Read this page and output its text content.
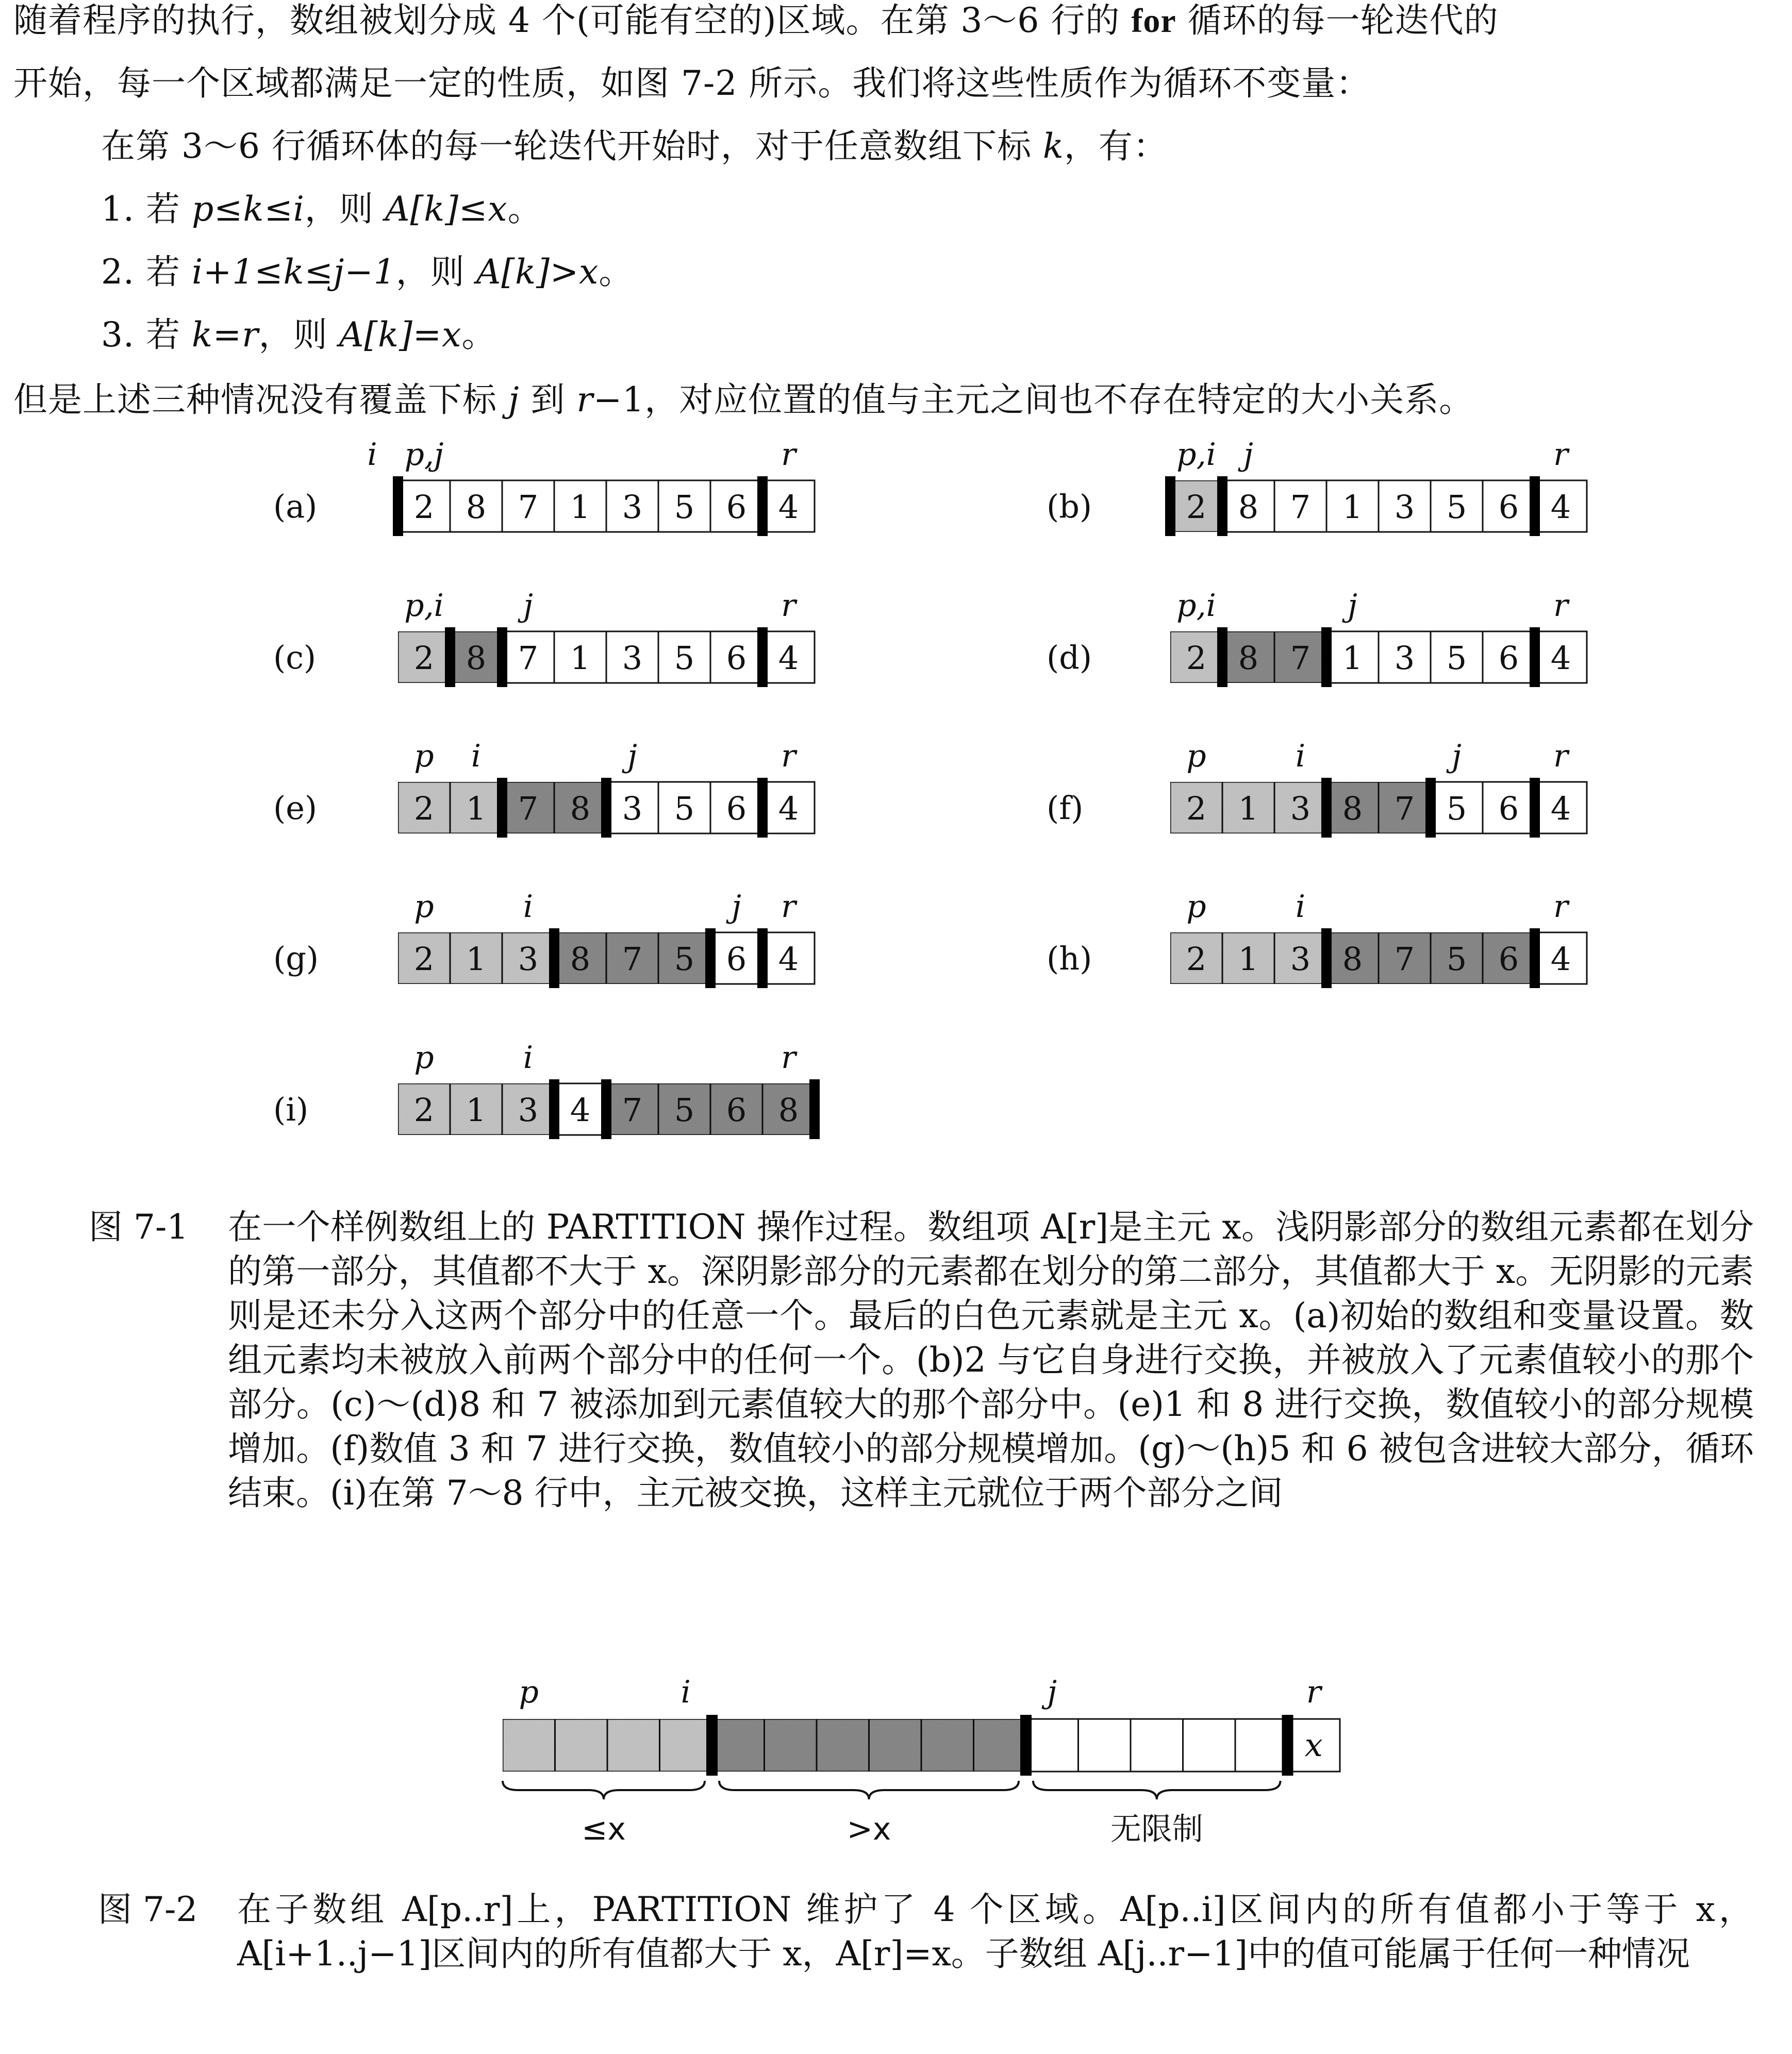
随着程序的执行，数组被划分成 4 个(可能有空的)区域。在第 3～6 行的 for 循环的每一轮迭代的
开始，每一个区域都满足一定的性质，如图 7-2 所示。我们将这些性质作为循环不变量：
在第 3～6 行循环体的每一轮迭代开始时，对于任意数组下标 k，有：
1. 若 p≤k≤i，则 A[k]≤x。
2. 若 i+1≤k≤j−1，则 A[k]>x。
3. 若 k=r，则 A[k]=x。
但是上述三种情况没有覆盖下标 j 到 r−1，对应位置的值与主元之间也不存在特定的大小关系。
(a)	2 8 7 1 3 5 6 4
i p,j	r
(b)	2 8 7 1 3 5 6 4
p,i j	r
(c)	2 8 7 1 3 5 6 4
p,i	j	r
(d)	2 8 7 1 3 5 6 4
p,i	j	r
(e)	2 1 7 8 3 5 6 4
p i	j	r
(f)	2 1 3 8 7 5 6 4
p	i	j	r
(g)	2 1 3 8 7 5 6 4
p	i	j r
(h)	2 1 3 8 7 5 6 4
p	i	r
(i)	2 1 3 4 7 5 6 8
p	i	r
x
p	i	j	r
≤x	>x	无限制
图 7-1 在一个样例数组上的 PARTITION 操作过程。数组项 A[r]是主元 x。浅阴影部分的数组元素都在划分的第一部分，其值都不大于 x。深阴影部分的元素都在划分的第二部分，其值都大于 x。无阴影的元素则是还未分入这两个部分中的任意一个。最后的白色元素就是主元 x。(a)初始的数组和变量设置。数组元素均未被放入前两个部分中的任何一个。(b)2 与它自身进行交换，并被放入了元素值较小的那个部分。(c)～(d)8 和 7 被添加到元素值较大的那个部分中。(e)1 和 8 进行交换，数值较小的部分规模增加。(f)数值 3 和 7 进行交换，数值较小的部分规模增加。(g)～(h)5 和 6 被包含进较大部分，循环结束。(i)在第 7～8 行中，主元被交换，这样主元就位于两个部分之间
图 7-2 在子数组 A[p..r]上，PARTITION 维护了 4 个区域。A[p..i]区间内的所有值都小于等于 x，A[i+1..j−1]区间内的所有值都大于 x，A[r]=x。子数组 A[j..r−1]中的值可能属于任何一种情况
